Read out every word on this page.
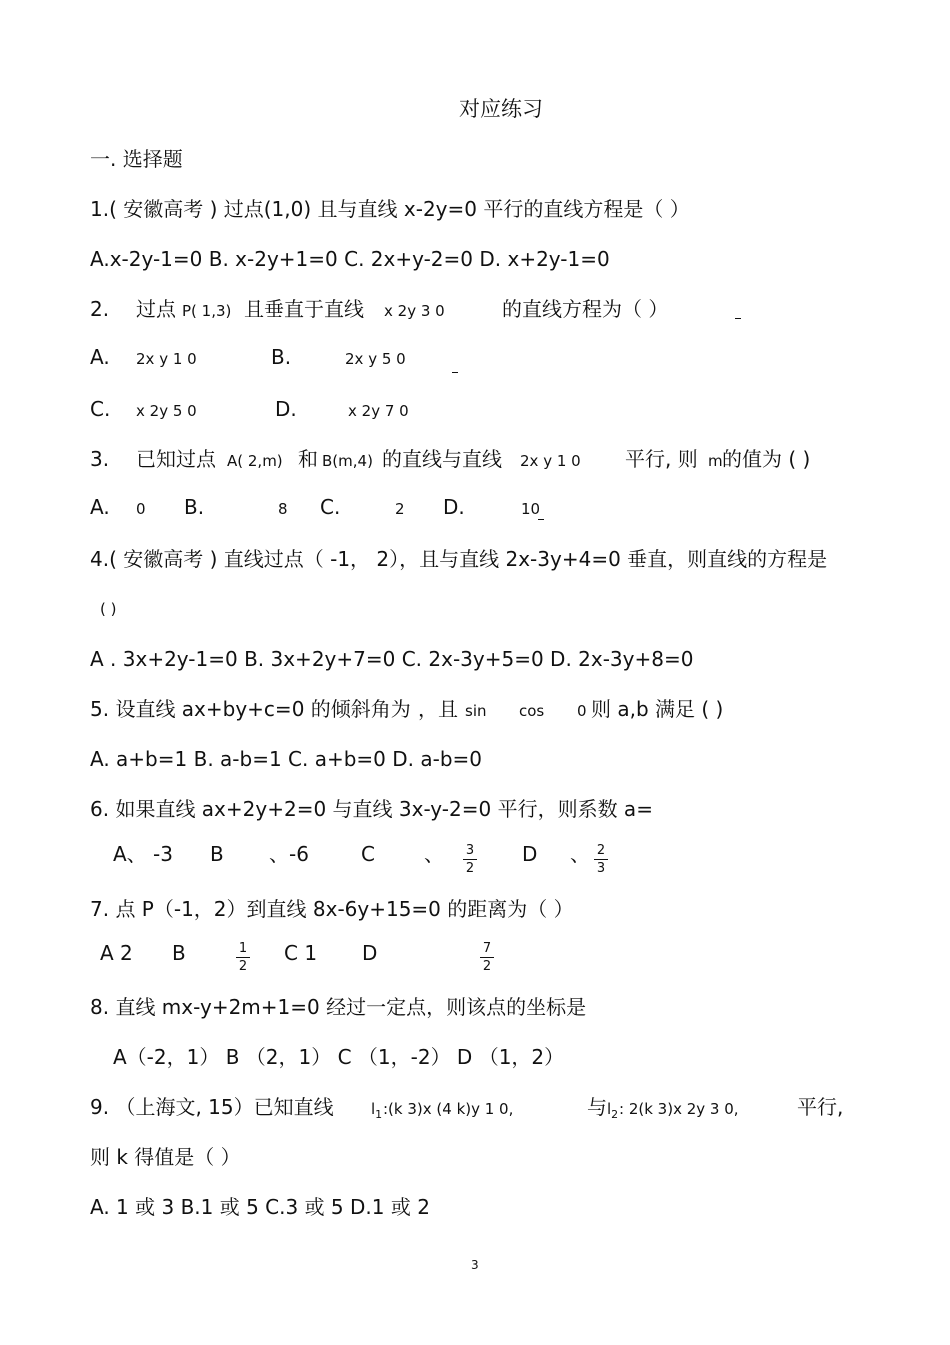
对应练习
一. 选择题
1.( 安徽高考 ) 过点(1,0) 且与直线 x-2y=0 平行的直线方程是（ ）
A.x-2y-1=0 B. x-2y+1=0 C. 2x+y-2=0 D. x+2y-1=0
2. 过点 P( 1,3) 且垂直于直线 x 2y 3 0	的直线方程为（ ）
A. 2x y 1 0	B.	2x y 5 0
C. x 2y 5 0	D.	x 2y 7 0
3. 已知过点 A( 2,m) 和 B(m,4) 的直线与直线 2x y 1 0 平行, 则 m 的值为 ( )
A. 0 B.	8 C.	2 D.	10
4.( 安徽高考 ) 直线过点（ -1， 2），且与直线 2x-3y+4=0 垂直，则直线的方程是
( )
A . 3x+2y-1=0 B. 3x+2y+7=0 C. 2x-3y+5=0 D. 2x-3y+8=0
5. 设直线 ax+by+c=0 的倾斜角为 ，且 sin cos 0 则 a,b 满足 ( )
A. a+b=1 B. a-b=1 C. a+b=0 D. a-b=0
6. 如果直线 ax+2y+2=0 与直线 3x-y-2=0 平行，则系数 a=
A、 -3 B 、-6	C 、 3
2
D 、 2
3
7. 点 P（-1，2）到直线 8x-6y+15=0 的距离为（ ）
A 2 B	1
2
C 1 D	7
2
8. 直线 mx-y+2m+1=0 经过一定点，则该点的坐标是
A（-2，1） B （2，1） C （1，-2） D （1，2）
9. （上海文, 15）已知直线 $l_1$ :(k 3)x (4 k)y 1 0,	与 $l_2$ : 2(k 3)x 2y 3 0,	平行,
则 k 得值是（ ）
A. 1 或 3 B.1 或 5 C.3 或 5 D.1 或 2
3
